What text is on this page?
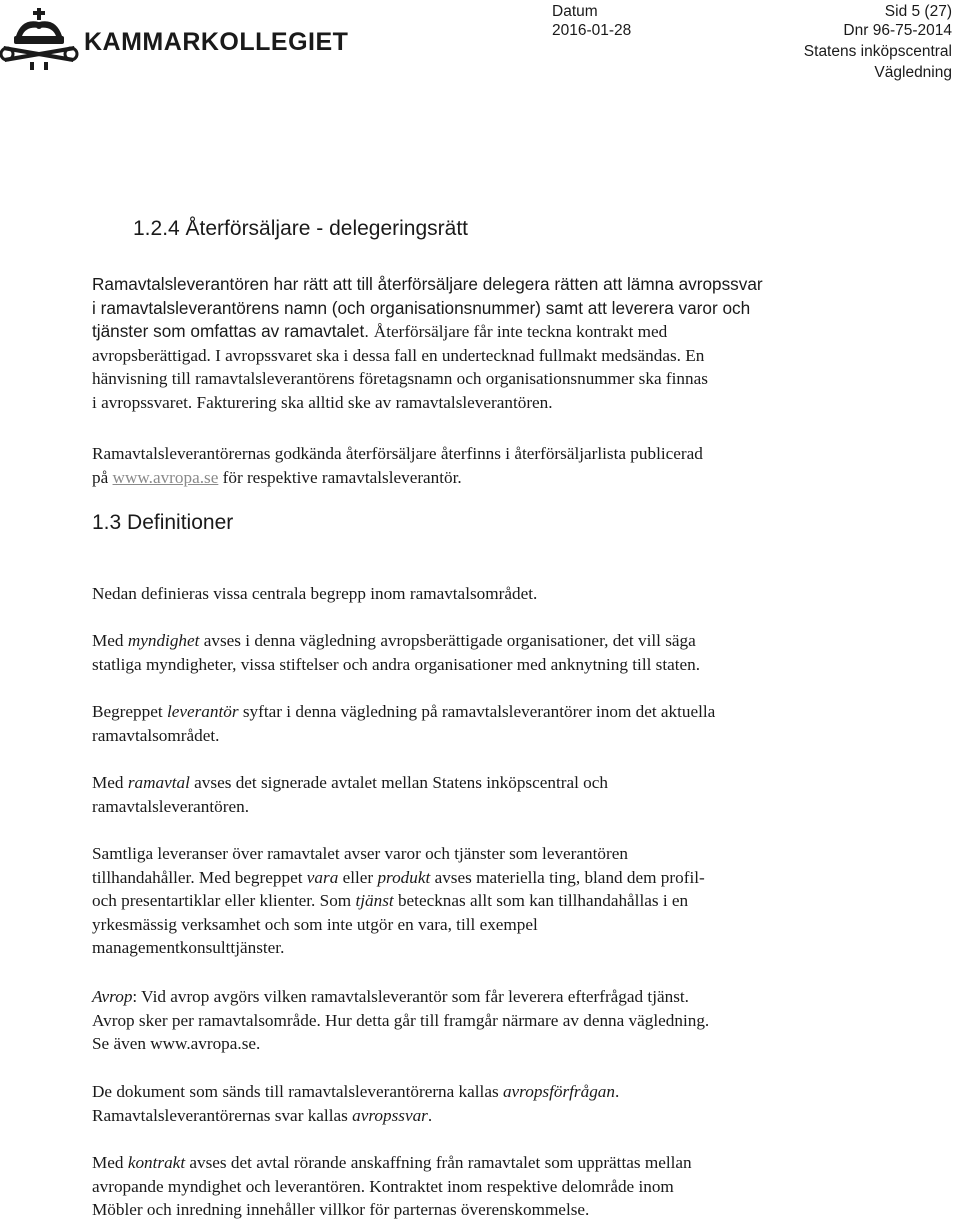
KAMMARKOLLEGIET
Datum
2016-01-28
Sid 5 (27)
Dnr 96-75-2014
Statens inköpscentral
Vägledning
1.2.4 Återförsäljare - delegeringsrätt
Ramavtalsleverantören har rätt att till återförsäljare delegera rätten att lämna avropssvar
i ramavtalsleverantörens namn (och organisationsnummer) samt att leverera varor och
tjänster som omfattas av ramavtalet. Återförsäljare får inte teckna kontrakt med
avropsberättigad. I avropssvaret ska i dessa fall en undertecknad fullmakt medsändas. En
hänvisning till ramavtalsleverantörens företagsnamn och organisationsnummer ska finnas
i avropssvaret. Fakturering ska alltid ske av ramavtalsleverantören.
Ramavtalsleverantörernas godkända återförsäljare återfinns i återförsäljarlista publicerad
på www.avropa.se för respektive ramavtalsleverantör.
1.3 Definitioner
Nedan definieras vissa centrala begrepp inom ramavtalsområdet.
Med myndighet avses i denna vägledning avropsberättigade organisationer, det vill säga
statliga myndigheter, vissa stiftelser och andra organisationer med anknytning till staten.
Begreppet leverantör syftar i denna vägledning på ramavtalsleverantörer inom det aktuella
ramavtalsområdet.
Med ramavtal avses det signerade avtalet mellan Statens inköpscentral och
ramavtalsleverantören.
Samtliga leveranser över ramavtalet avser varor och tjänster som leverantören
tillhandahåller. Med begreppet vara eller produkt avses materiella ting, bland dem profil-
och presentartiklar eller klienter. Som tjänst betecknas allt som kan tillhandahållas i en
yrkesmässig verksamhet och som inte utgör en vara, till exempel
managementkonsulttjänster.
Avrop: Vid avrop avgörs vilken ramavtalsleverantör som får leverera efterfrågad tjänst.
Avrop sker per ramavtalsområde. Hur detta går till framgår närmare av denna vägledning.
Se även www.avropa.se.
De dokument som sänds till ramavtalsleverantörerna kallas avropsförfrågan.
Ramavtalsleverantörernas svar kallas avropssvar.
Med kontrakt avses det avtal rörande anskaffning från ramavtalet som upprättas mellan
avropande myndighet och leverantören. Kontraktet inom respektive delområde inom
Möbler och inredning innehåller villkor för parternas överenskommelse.
